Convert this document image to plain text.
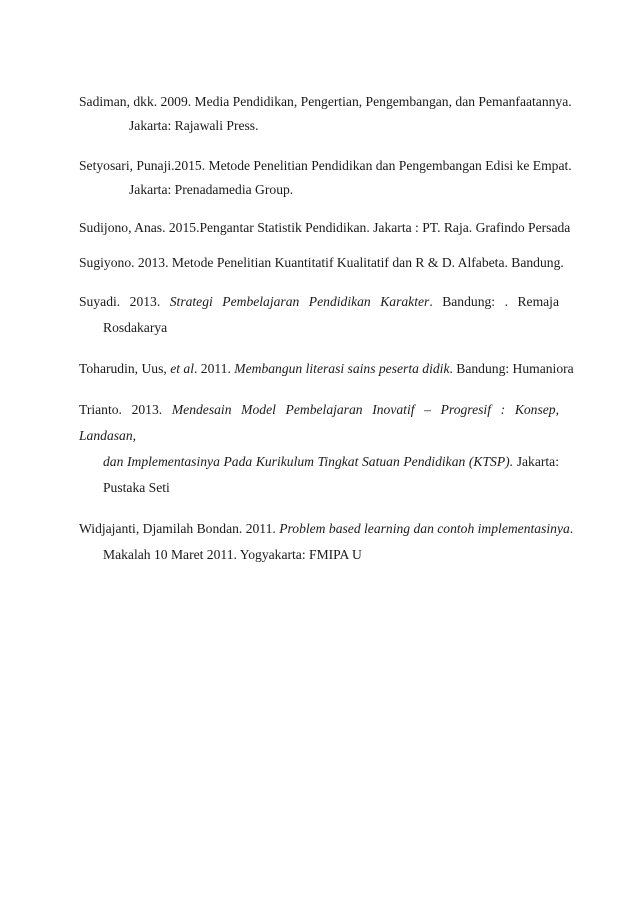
Sadiman, dkk. 2009. Media Pendidikan, Pengertian, Pengembangan, dan Pemanfaatannya.
Jakarta: Rajawali Press.
Setyosari, Punaji.2015. Metode Penelitian Pendidikan dan Pengembangan Edisi ke Empat.
Jakarta: Prenadamedia Group.
Sudijono, Anas. 2015.Pengantar Statistik Pendidikan. Jakarta : PT. Raja. Grafindo Persada
Sugiyono. 2013. Metode Penelitian Kuantitatif Kualitatif dan R & D. Alfabeta. Bandung.
Suyadi. 2013. Strategi Pembelajaran Pendidikan Karakter. Bandung: . Remaja
Rosdakarya
Toharudin, Uus, et al. 2011. Membangun literasi sains peserta didik. Bandung: Humaniora
Trianto. 2013. Mendesain Model Pembelajaran Inovatif – Progresif : Konsep, Landasan,
dan Implementasinya Pada Kurikulum Tingkat Satuan Pendidikan (KTSP). Jakarta:
Pustaka Seti
Widjajanti, Djamilah Bondan. 2011. Problem based learning dan contoh implementasinya.
Makalah 10 Maret 2011. Yogyakarta: FMIPA U
